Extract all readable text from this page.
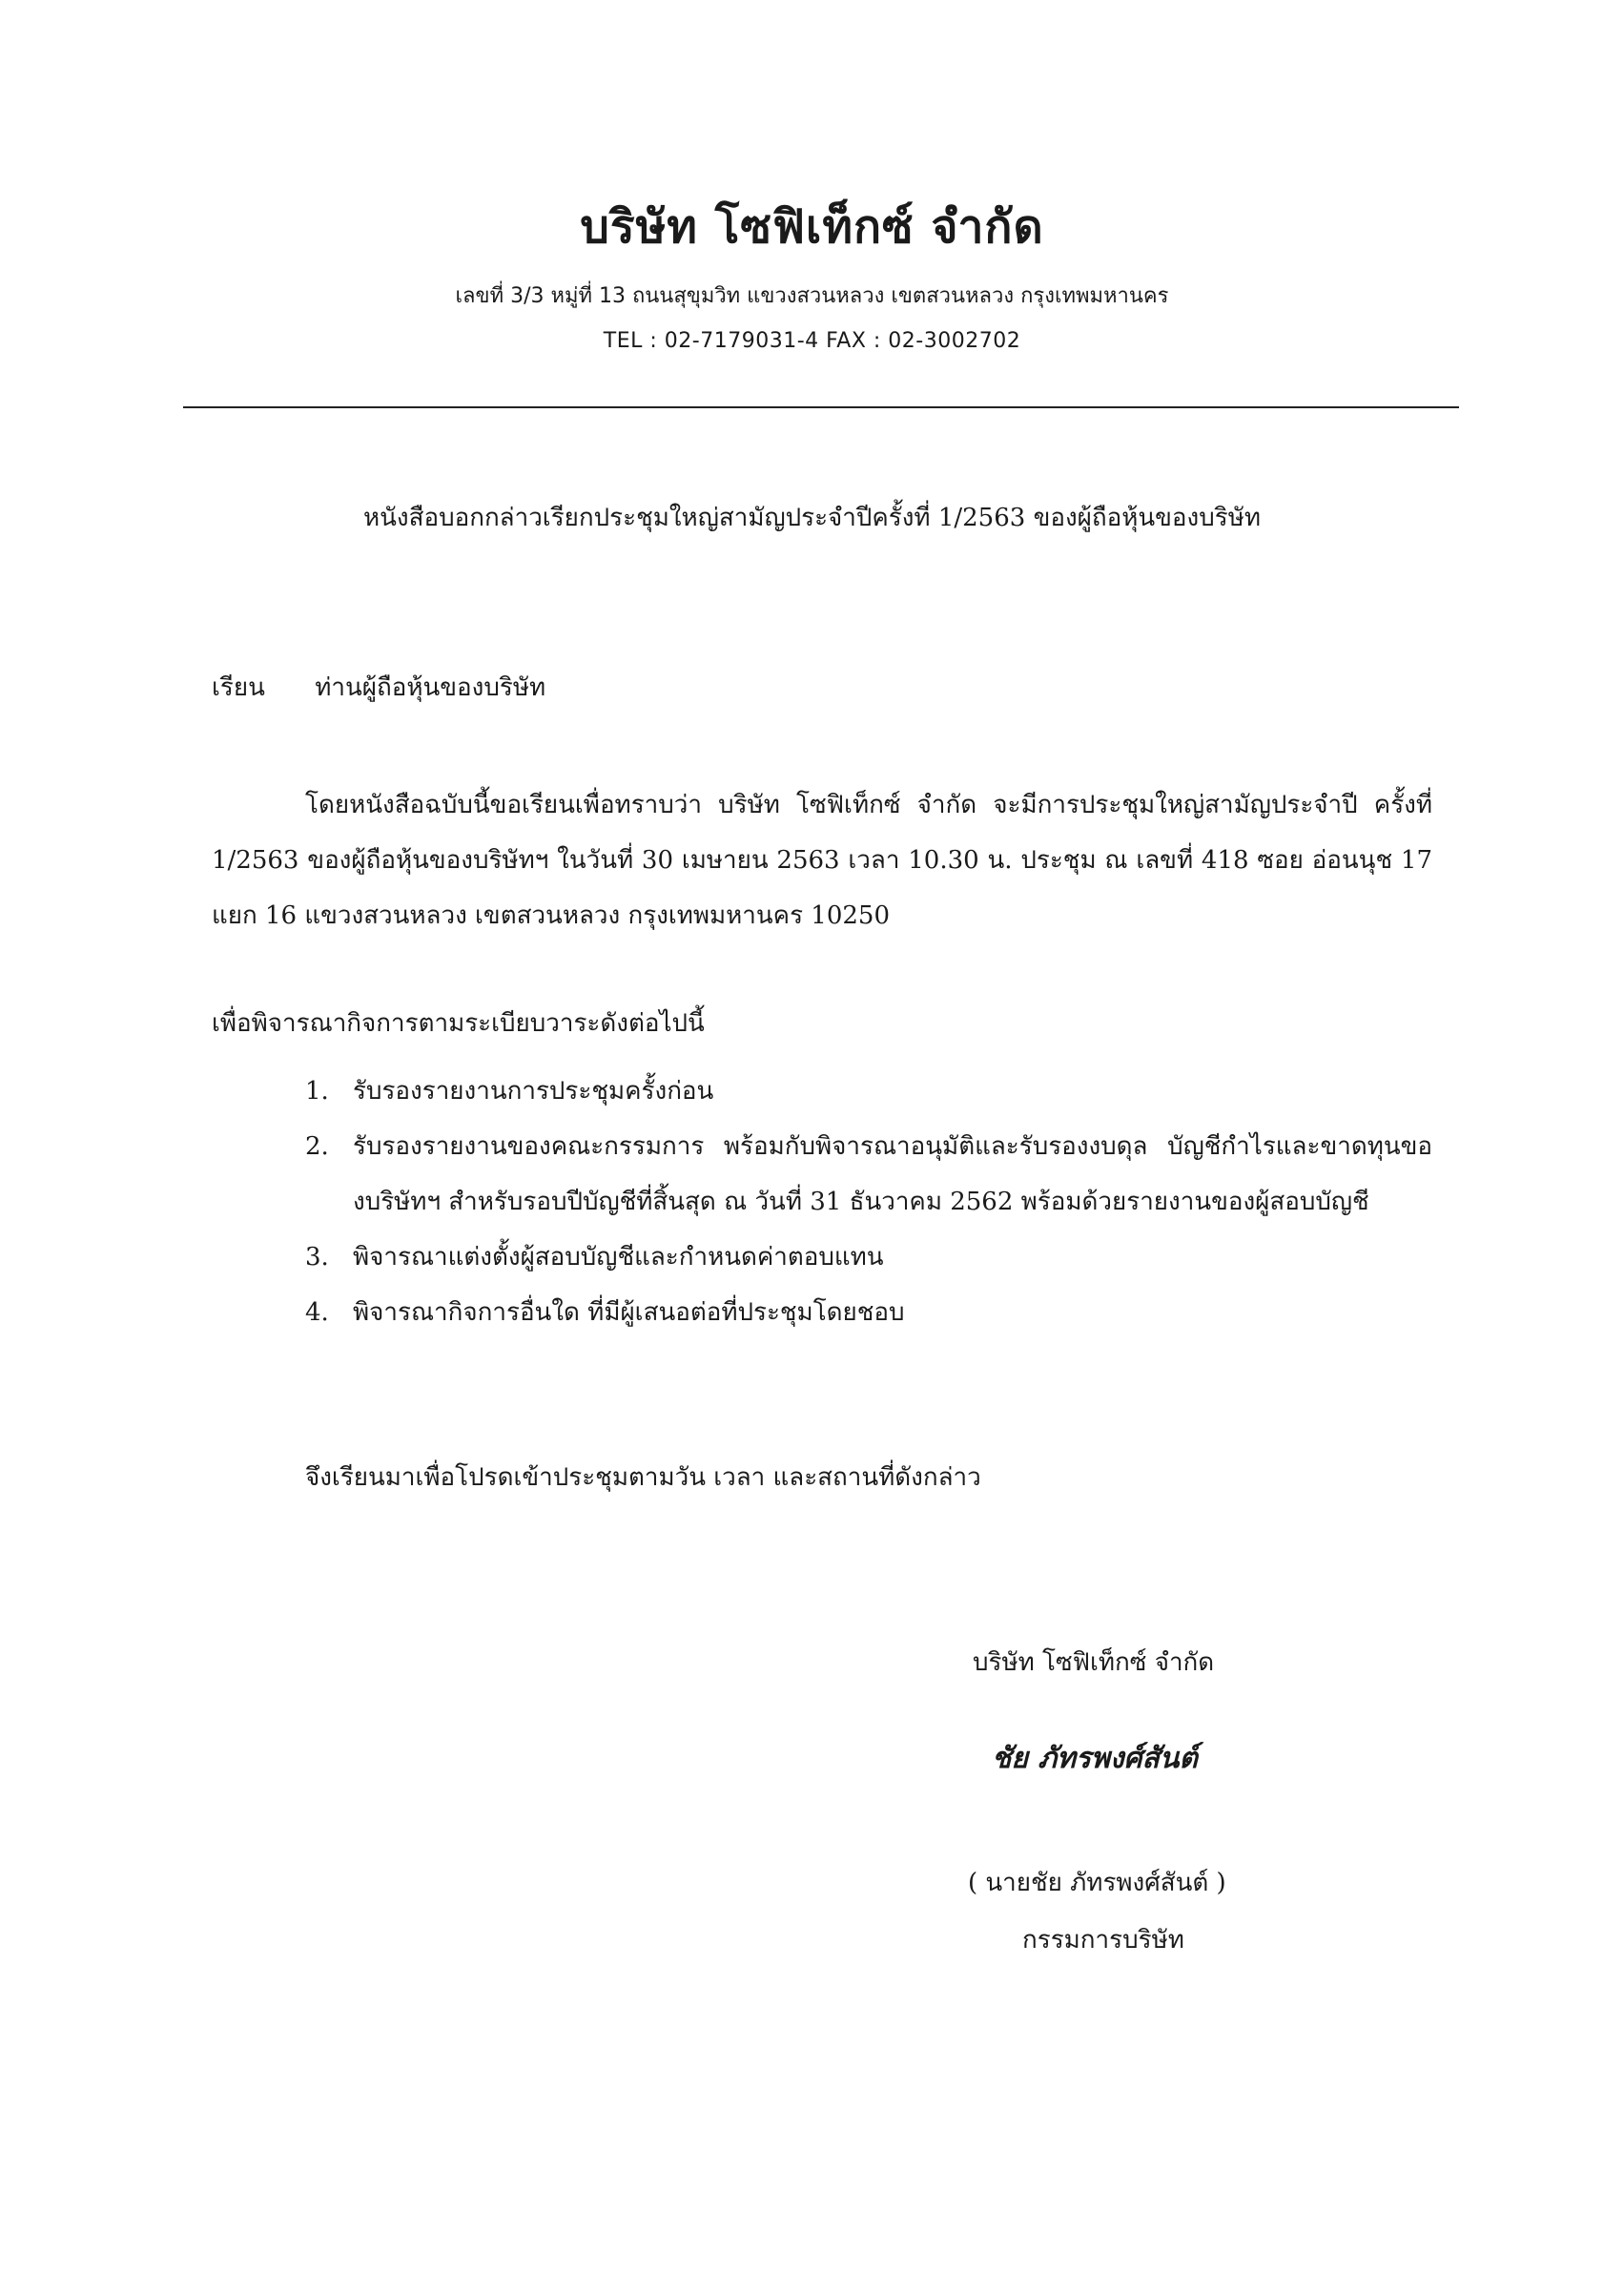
บริษัท โซฟิเท็กซ์ จำกัด
เลขที่ 3/3 หมู่ที่ 13 ถนนสุขุมวิท แขวงสวนหลวง เขตสวนหลวง กรุงเทพมหานคร
TEL : 02-7179031-4 FAX : 02-3002702
หนังสือบอกกล่าวเรียกประชุมใหญ่สามัญประจำปีครั้งที่ 1/2563 ของผู้ถือหุ้นของบริษัท
เรียน ท่านผู้ถือหุ้นของบริษัท
โดยหนังสือฉบับนี้ขอเรียนเพื่อทราบว่า บริษัท โซฟิเท็กซ์ จำกัด จะมีการประชุมใหญ่สามัญประจำปี ครั้งที่ 1/2563 ของผู้ถือหุ้นของบริษัทฯ ในวันที่ 30 เมษายน 2563 เวลา 10.30 น. ประชุม ณ เลขที่ 418 ซอย อ่อนนุช 17 แยก 16 แขวงสวนหลวง เขตสวนหลวง กรุงเทพมหานคร 10250
เพื่อพิจารณากิจการตามระเบียบวาระดังต่อไปนี้
1. รับรองรายงานการประชุมครั้งก่อน
2. รับรองรายงานของคณะกรรมการ พร้อมกับพิจารณาอนุมัติและรับรองงบดุล บัญชีกำไรและขาดทุนของบริษัทฯ สำหรับรอบปีบัญชีที่สิ้นสุด ณ วันที่ 31 ธันวาคม 2562 พร้อมด้วยรายงานของผู้สอบบัญชี
3. พิจารณาแต่งตั้งผู้สอบบัญชีและกำหนดค่าตอบแทน
4. พิจารณากิจการอื่นใด ที่มีผู้เสนอต่อที่ประชุมโดยชอบ
จึงเรียนมาเพื่อโปรดเข้าประชุมตามวัน เวลา และสถานที่ดังกล่าว
บริษัท โซฟิเท็กซ์ จำกัด
ชัย ภัทรพงศ์สันต์
( นายชัย ภัทรพงศ์สันต์ )
กรรมการบริษัท
